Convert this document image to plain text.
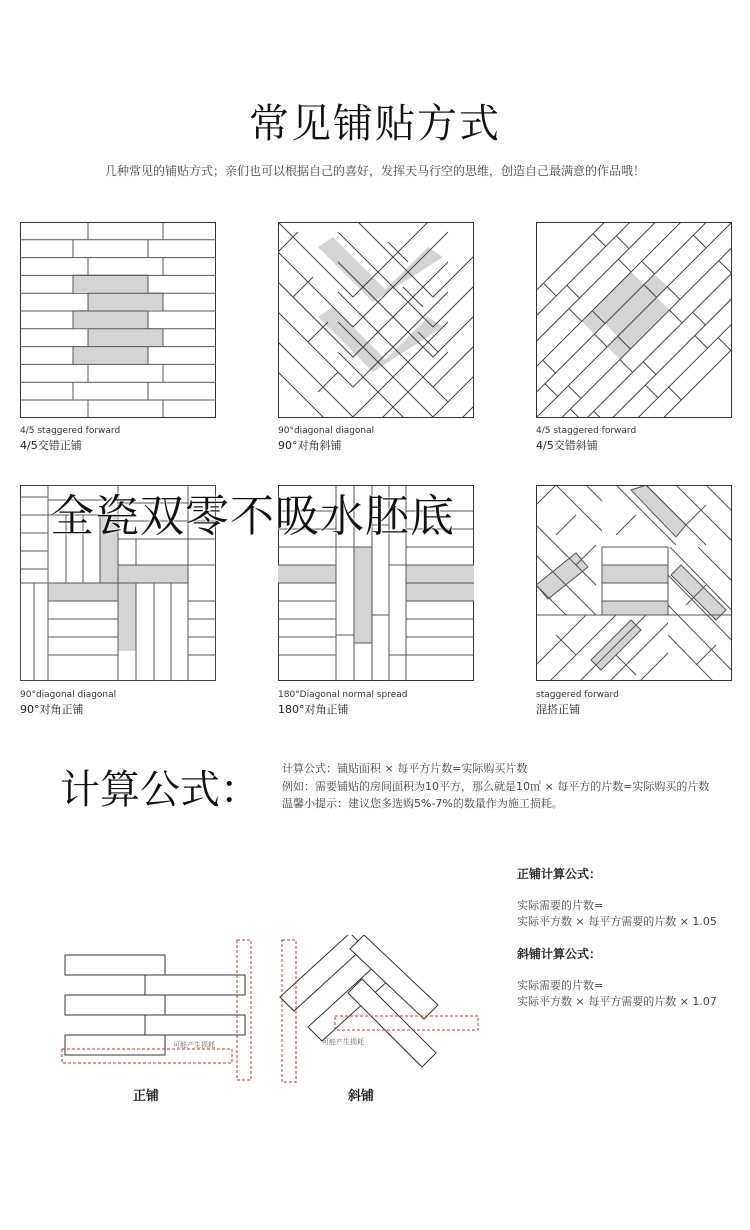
常见铺贴方式
几种常见的铺贴方式；亲们也可以根据自己的喜好，发挥天马行空的思维，创造自己最满意的作品哦！
4/5 staggered forward
4/5交错正铺
90°diagonal diagonal
90°对角斜铺
4/5 staggered forward
4/5交错斜铺
90°diagonal diagonal
90°对角正铺
180°Diagonal normal spread
180°对角正铺
staggered forward
混搭正铺
全瓷双零不吸水胚底
计算公式： 计算公式：铺贴面积 × 每平方片数=实际购买片数
例如：需要铺贴的房间面积为10平方，那么就是10㎡ × 每平方的片数=实际购买的片数
温馨小提示：建议您多选购5%-7%的数量作为施工损耗。
正铺计算公式：
实际需要的片数=
实际平方数 × 每平方需要的片数 × 1.05
斜铺计算公式：
实际需要的片数=
实际平方数 × 每平方需要的片数 × 1.07
可能产生损耗
正铺
可能产生损耗
斜铺
